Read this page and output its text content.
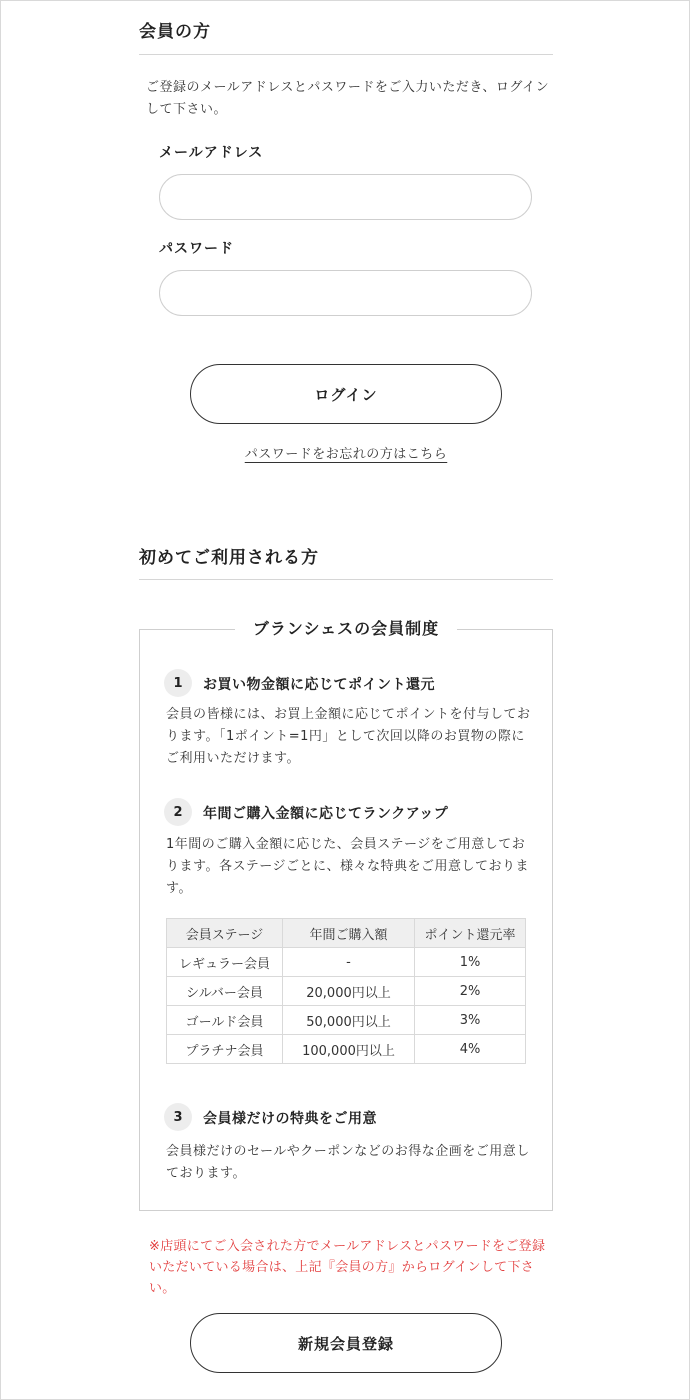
会員の方
ご登録のメールアドレスとパスワードをご入力いただき、ログインして下さい。
メールアドレス
パスワード
ログイン
パスワードをお忘れの方はこちら
初めてご利用される方
ブランシェスの会員制度
1	お買い物金額に応じてポイント還元
会員の皆様には、お買上金額に応じてポイントを付与しております。「1ポイント=1円」として次回以降のお買物の際にご利用いただけます。
2	年間ご購入金額に応じてランクアップ
1年間のご購入金額に応じた、会員ステージをご用意しております。各ステージごとに、様々な特典をご用意しております。
会員ステージ	年間ご購入額	ポイント還元率
レギュラー会員	-	1%
シルバー会員	20,000円以上	2%
ゴールド会員	50,000円以上	3%
プラチナ会員	100,000円以上	4%
3	会員様だけの特典をご用意
会員様だけのセールやクーポンなどのお得な企画をご用意しております。
※店頭にてご入会された方でメールアドレスとパスワードをご登録いただいている場合は、上記『会員の方』からログインして下さい。
新規会員登録
